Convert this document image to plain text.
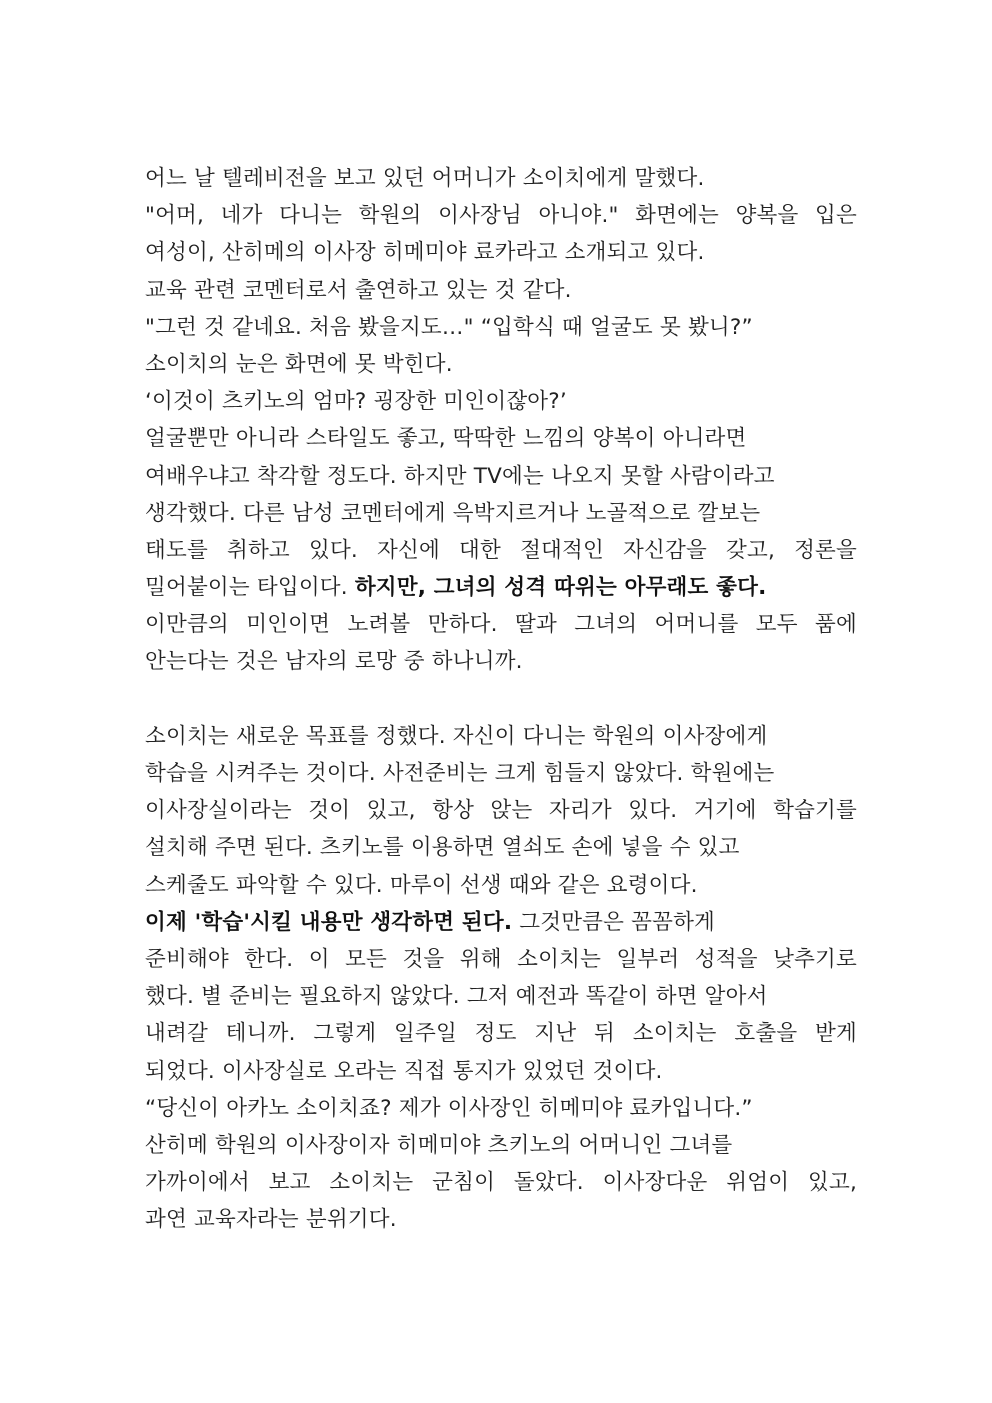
어느 날 텔레비전을 보고 있던 어머니가 소이치에게 말했다.
"어머, 네가 다니는 학원의 이사장님 아니야." 화면에는 양복을 입은
여성이, 산히메의 이사장 히메미야 료카라고 소개되고 있다.
교육 관련 코멘터로서 출연하고 있는 것 같다.
"그런 것 같네요. 처음 봤을지도…" “입학식 때 얼굴도 못 봤니?”
소이치의 눈은 화면에 못 박힌다.
‘이것이 츠키노의 엄마? 굉장한 미인이잖아?’
얼굴뿐만 아니라 스타일도 좋고, 딱딱한 느낌의 양복이 아니라면
여배우냐고 착각할 정도다. 하지만 TV에는 나오지 못할 사람이라고
생각했다. 다른 남성 코멘터에게 윽박지르거나 노골적으로 깔보는
태도를 취하고 있다. 자신에 대한 절대적인 자신감을 갖고, 정론을
밀어붙이는 타입이다. 하지만, 그녀의 성격 따위는 아무래도 좋다.
이만큼의 미인이면 노려볼 만하다. 딸과 그녀의 어머니를 모두 품에
안는다는 것은 남자의 로망 중 하나니까.
소이치는 새로운 목표를 정했다. 자신이 다니는 학원의 이사장에게
학습을 시켜주는 것이다. 사전준비는 크게 힘들지 않았다. 학원에는
이사장실이라는 것이 있고, 항상 앉는 자리가 있다. 거기에 학습기를
설치해 주면 된다. 츠키노를 이용하면 열쇠도 손에 넣을 수 있고
스케줄도 파악할 수 있다. 마루이 선생 때와 같은 요령이다.
이제 '학습'시킬 내용만 생각하면 된다. 그것만큼은 꼼꼼하게
준비해야 한다. 이 모든 것을 위해 소이치는 일부러 성적을 낮추기로
했다. 별 준비는 필요하지 않았다. 그저 예전과 똑같이 하면 알아서
내려갈 테니까. 그렇게 일주일 정도 지난 뒤 소이치는 호출을 받게
되었다. 이사장실로 오라는 직접 통지가 있었던 것이다.
“당신이 아카노 소이치죠? 제가 이사장인 히메미야 료카입니다.”
산히메 학원의 이사장이자 히메미야 츠키노의 어머니인 그녀를
가까이에서 보고 소이치는 군침이 돌았다. 이사장다운 위엄이 있고,
과연 교육자라는 분위기다.
